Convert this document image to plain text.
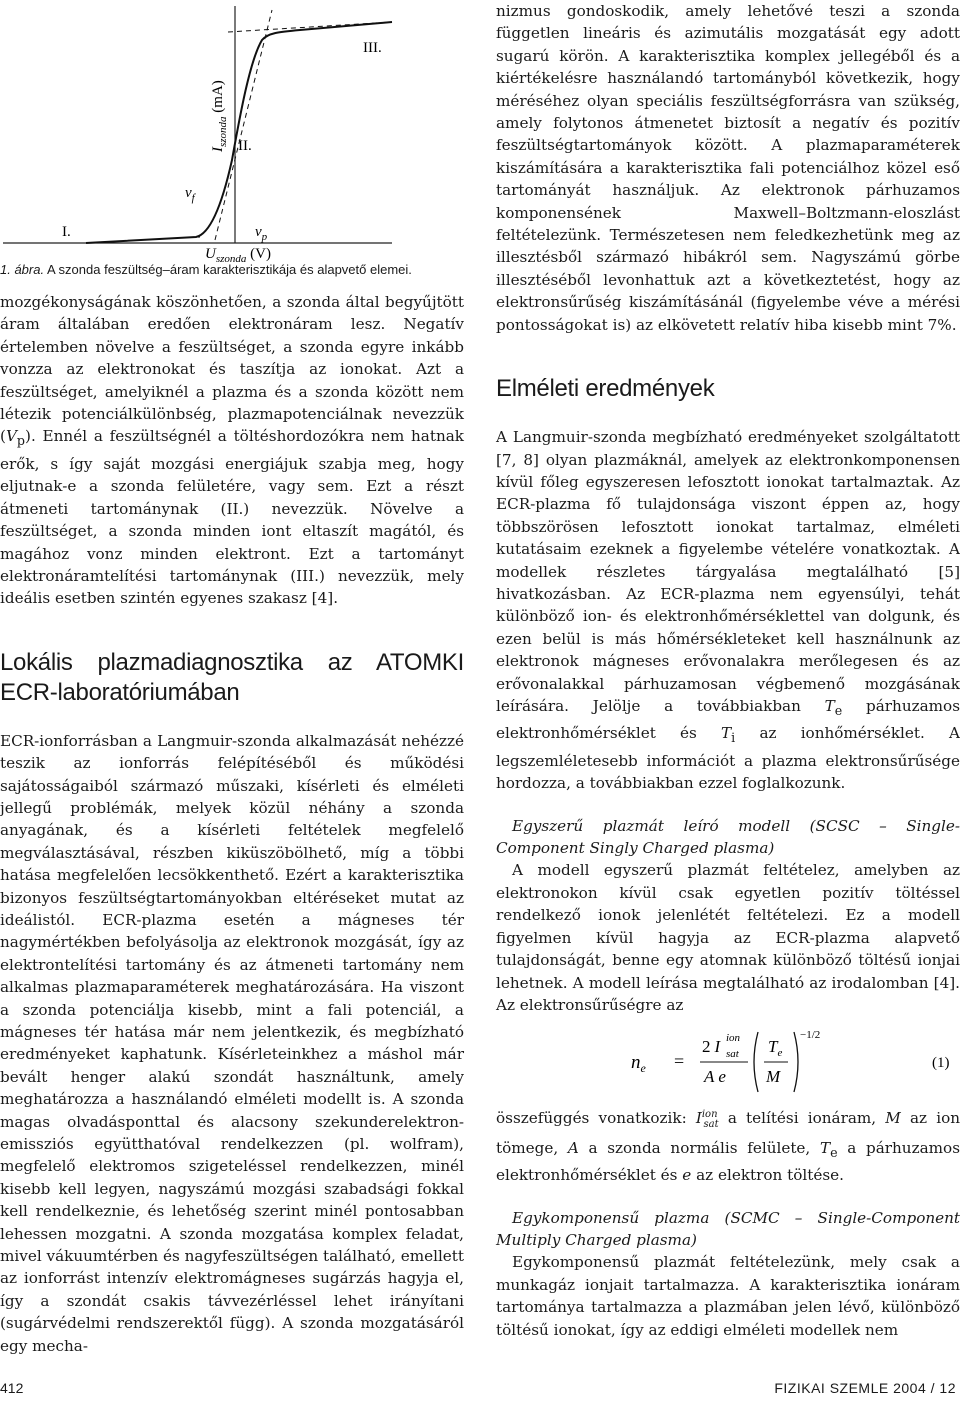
$I_{szonda}$ (mA)
$v_f$
$v_p$
I.
II.
III.
$U_{szonda}$ (V)
1. ábra. A szonda feszültség–áram karakterisztikája és alapvető elemei.

mozgékonyságának köszönhetően, a szonda által begyűjtött áram általában eredően elektronáram lesz. Negatív értelemben növelve a feszültséget, a szonda egyre inkább vonzza az elektronokat és taszítja az ionokat. Azt a feszültséget, amelyiknél a plazma és a szonda között nem létezik potenciálkülönbség, plazmapotenciálnak nevezzük $(V_p)$. Ennél a feszültségnél a töltéshordozókra nem hatnak erők, s így saját mozgási energiájuk szabja meg, hogy eljutnak-e a szonda felületére, vagy sem. Ezt a részt átmeneti tartománynak (II.) nevezzük. Növelve a feszültséget, a szonda minden iont eltaszít magától, és magához vonz minden elektront. Ezt a tartományt elektronáramtelítési tartománynak (III.) nevezzük, mely ideális esetben szintén egyenes szakasz [4].

Lokális plazmadiagnosztika az ATOMKI ECR-laboratóriumában

ECR-ionforrásban a Langmuir-szonda alkalmazását nehézzé teszik az ionforrás felépítéséből és működési sajátosságaiból származó műszaki, kísérleti és elméleti jellegű problémák, melyek közül néhány a szonda anyagának, és a kísérleti feltételek megfelelő megválasztásával, részben kiküszöbölhető, míg a többi hatása megfelelően lecsökkenthető. Ezért a karakterisztika bizonyos feszültségtartományokban eltéréseket mutat az ideálistól. ECR-plazma esetén a mágneses tér nagymértékben befolyásolja az elektronok mozgását, így az elektrontelítési tartomány és az átmeneti tartomány nem alkalmas plazmaparaméterek meghatározására. Ha viszont a szonda potenciálja kisebb, mint a fali potenciál, a mágneses tér hatása már nem jelentkezik, és megbízható eredményeket kaphatunk. Kísérleteinkhez a máshol már bevált henger alakú szondát használtunk, amely meghatározza a használandó elméleti modellt is. A szonda magas olvadásponttal és alacsony szekunderelektron-emissziós együtthatóval rendelkezzen (pl. wolfram), megfelelő elektromos szigeteléssel rendelkezzen, minél kisebb kell legyen, nagyszámú mozgási szabadsági fokkal kell rendelkeznie, és lehetőség szerint minél pontosabban lehessen mozgatni. A szonda mozgatása komplex feladat, mivel vákuumtérben és nagyfeszültségen található, emellett az ionforrást intenzív elektromágneses sugárzás hagyja el, így a szondát csakis távvezérléssel lehet irányítani (sugárvédelmi rendszerektől függ). A szonda mozgatásáról egy mecha-

nizmus gondoskodik, amely lehetővé teszi a szonda független lineáris és azimutális mozgatását egy adott sugarú körön. A karakterisztika komplex jellegéből és a kiértékelésre használandó tartományból következik, hogy méréséhez olyan speciális feszültségforrásra van szükség, amely folytonos átmenetet biztosít a negatív és pozitív feszültségtartományok között. A plazmaparaméterek kiszámítására a karakterisztika fali potenciálhoz közel eső tartományát használjuk. Az elektronok párhuzamos komponensének Maxwell–Boltzmann-eloszlást feltételezünk. Természetesen nem feledkezhetünk meg az illesztésből származó hibákról sem. Nagyszámú görbe illesztéséből levonhattuk azt a következtetést, hogy az elektronsűrűség kiszámításánál (figyelembe véve a mérési pontosságokat is) az elkövetett relatív hiba kisebb mint 7%.

Elméleti eredmények

A Langmuir-szonda megbízható eredményeket szolgáltatott [7, 8] olyan plazmáknál, amelyek az elektronkomponensen kívül főleg egyszeresen lefosztott ionokat tartalmaztak. Az ECR-plazma fő tulajdonsága viszont éppen az, hogy többszörösen lefosztott ionokat tartalmaz, elméleti kutatásaim ezeknek a figyelembe vételére vonatkoztak. A modellek részletes tárgyalása megtalálható [5] hivatkozásban. Az ECR-plazma nem egyensúlyi, tehát különböző ion- és elektronhőmérséklettel van dolgunk, és ezen belül is más hőmérsékleteket kell használnunk az elektronok mágneses erővonalakra merőlegesen és az erővonalakkal párhuzamosan végbemenő mozgásának leírására. Jelölje a továbbiakban $T_e$ párhuzamos elektronhőmérséklet és $T_i$ az ionhőmérséklet. A legszemléletesebb információt a plazma elektronsűrűsége hordozza, a továbbiakban ezzel foglalkozunk.

Egyszerű plazmát leíró modell (SCSC – Single-Component Singly Charged plasma)

A modell egyszerű plazmát feltételez, amelyben az elektronokon kívül csak egyetlen pozitív töltéssel rendelkező ionok jelenlétét feltételezi. Ez a modell figyelmen kívül hagyja az ECR-plazma alapvető tulajdonságát, benne egy atomnak különböző töltésű ionjai lehetnek. A modell leírása megtalálható az irodalomban [4]. Az elektronsűrűségre az

$n_e$ =
2 I ion
sat
A e
$T_e$
M
−1/2
(1)

összefüggés vonatkozik: $I^{ion}_{sat}$ a telítési ionáram, M az ion tömege, A a szonda normális felülete, $T_e$ a párhuzamos elektronhőmérséklet és e az elektron töltése.

Egykomponensű plazma (SCMC – Single-Component Multiply Charged plasma)

Egykomponensű plazmát feltételezünk, mely csak a munkagáz ionjait tartalmazza. A karakterisztika ionáram tartománya tartalmazza a plazmában jelen lévő, különböző töltésű ionokat, így az eddigi elméleti modellek nem

412	FIZIKAI SZEMLE 2004 / 12
